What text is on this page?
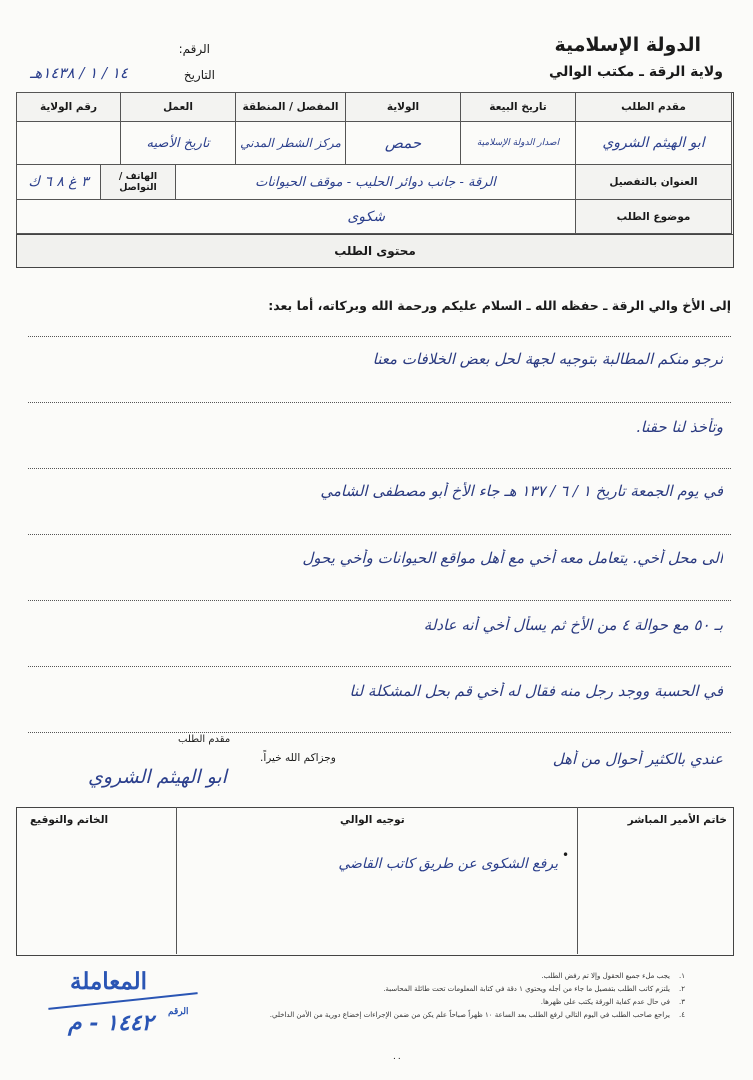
الدولة الإسلامية
ولاية الرقة ـ مكتب الوالي
الرقم:
التاريخ
١٤ / ١ / ١٤٣٨هـ
مقدم الطلب
تاريخ البيعة
الولاية
المفصل / المنطقة
العمل
رقم الولاية
ابو الهيثم الشروي
اصدار الدولة الإسلامية
حمص
مركز الشطر المدني
تاريخ الأصيه
العنوان بالتفصيل
الرقة - جانب دوائر الحليب - موقف الحيوانات
الهاتف / التواصل
٣ غ ٨ ٦ ك
موضوع الطلب
شكوى
محتوى الطلب
إلى الأخ والي الرقة ـ حفظه الله ـ السلام عليكم ورحمة الله وبركاته، أما بعد:
نرجو منكم المطالبة بتوجيه لجهة لحل بعض الخلافات معنا
وتأخذ لنا حقنا.
في يوم الجمعة تاريخ ١ / ٦ / ١٣٧ هـ جاء الأخ أبو مصطفى الشامي
الى محل أخي. يتعامل معه أخي مع أهل مواقع الحيوانات وأخي يحول
بـ ٥٠ مع حوالة ٤ من الأخ ثم يسأل أخي أنه عادلة
في الحسبة ووجد رجل منه فقال له أخي قم بحل المشكلة لنا
عندي بالكثير أحوال من أهل
وجزاكم الله خيراً.
مقدم الطلب
ابو الهيثم الشروي
خاتم الأمير المباشر
توجيه الوالي
الخاتم والتوقيع
•
يرفع الشكوى عن طريق كاتب القاضي
يجب ملء جميع الحقول وإلا تم رفض الطلب.
يلتزم كاتب الطلب بتفصيل ما جاء من أجله ويحتوي ١ دقة في كتابة المعلومات تحت طائلة المحاسبة.
في حال عدم كفاية الورقة يكتب على ظهرها.
يراجع صاحب الطلب في اليوم التالي لرفع الطلب بعد الساعة ١٠ ظهراً صباحاً علم يكن من ضمن الإجراءات إخضاع دورية من الأمن الداخلي.
١.
٢.
٣.
٤.
المعاملة
الرقم
١٤٤٢ - م
٠٠
